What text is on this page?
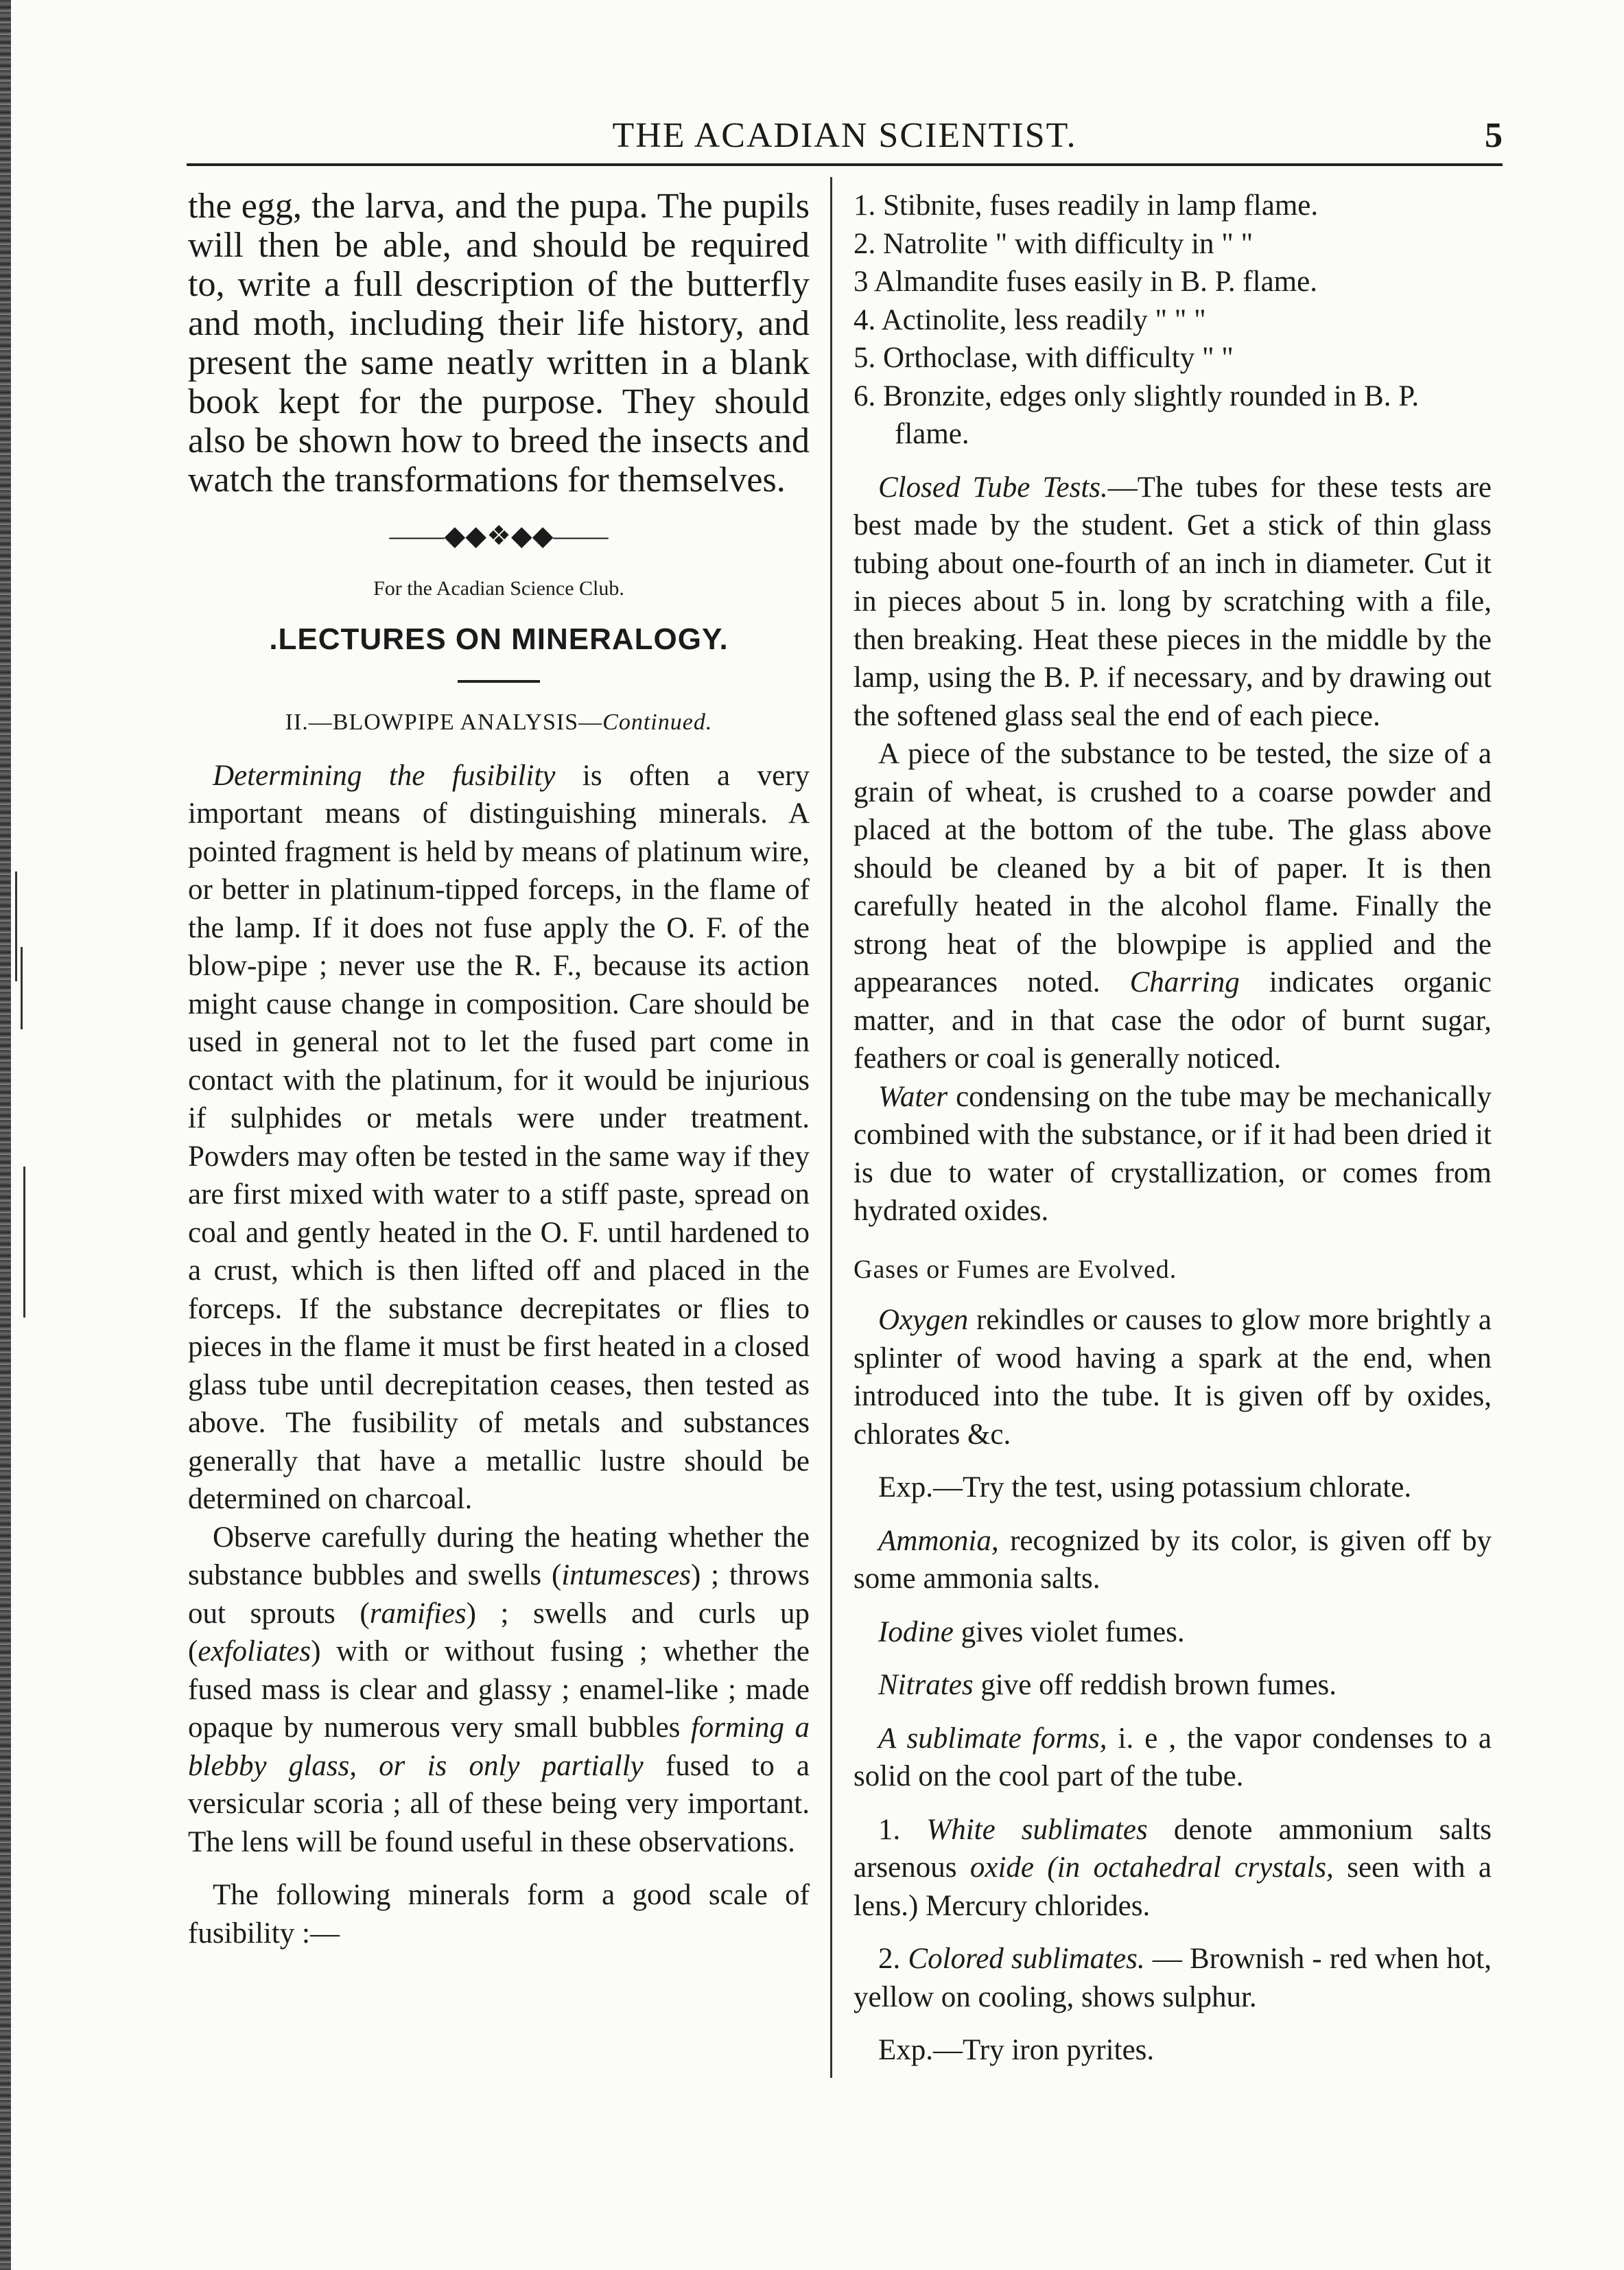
THE ACADIAN SCIENTIST.	5

the egg, the larva, and the pupa. The pupils will then be able, and should be required to, write a full description of the butterfly and moth, including their life history, and present the same neatly written in a blank book kept for the purpose. They should also be shown how to breed the insects and watch the transformations for themselves.

——◆◆❖◆◆——

For the Acadian Science Club.

.LECTURES ON MINERALOGY.

II.—BLOWPIPE ANALYSIS—Continued.

Determining the fusibility is often a very important means of distinguishing minerals. A pointed fragment is held by means of platinum wire, or better in platinum-tipped forceps, in the flame of the lamp. If it does not fuse apply the O. F. of the blow-pipe ; never use the R. F., because its action might cause change in composition. Care should be used in general not to let the fused part come in contact with the platinum, for it would be injurious if sulphides or metals were under treatment. Powders may often be tested in the same way if they are first mixed with water to a stiff paste, spread on coal and gently heated in the O. F. until hardened to a crust, which is then lifted off and placed in the forceps. If the substance decrepitates or flies to pieces in the flame it must be first heated in a closed glass tube until decrepitation ceases, then tested as above. The fusibility of metals and substances generally that have a metallic lustre should be determined on charcoal.

Observe carefully during the heating whether the substance bubbles and swells (intumesces) ; throws out sprouts (ramifies) ; swells and curls up (exfoliates) with or without fusing ; whether the fused mass is clear and glassy ; enamel-like ; made opaque by numerous very small bubbles forming a blebby glass, or is only partially fused to a versicular scoria ; all of these being very important. The lens will be found useful in these observations.

The following minerals form a good scale of fusibility :—

1. Stibnite, fuses readily in lamp flame.

2. Natrolite " with difficulty in " "

3 Almandite fuses easily in B. P. flame.

4. Actinolite, less readily " " "

5. Orthoclase, with difficulty " "

6. Bronzite, edges only slightly rounded in B. P. flame.

Closed Tube Tests.—The tubes for these tests are best made by the student. Get a stick of thin glass tubing about one-fourth of an inch in diameter. Cut it in pieces about 5 in. long by scratching with a file, then breaking. Heat these pieces in the middle by the lamp, using the B. P. if necessary, and by drawing out the softened glass seal the end of each piece.

A piece of the substance to be tested, the size of a grain of wheat, is crushed to a coarse powder and placed at the bottom of the tube. The glass above should be cleaned by a bit of paper. It is then carefully heated in the alcohol flame. Finally the strong heat of the blowpipe is applied and the appearances noted. Charring indicates organic matter, and in that case the odor of burnt sugar, feathers or coal is generally noticed.

Water condensing on the tube may be mechanically combined with the substance, or if it had been dried it is due to water of crystallization, or comes from hydrated oxides.

Gases or Fumes are Evolved.

Oxygen rekindles or causes to glow more brightly a splinter of wood having a spark at the end, when introduced into the tube. It is given off by oxides, chlorates &c.

Exp.—Try the test, using potassium chlorate.

Ammonia, recognized by its color, is given off by some ammonia salts.

Iodine gives violet fumes.

Nitrates give off reddish brown fumes.

A sublimate forms, i. e , the vapor condenses to a solid on the cool part of the tube.

1. White sublimates denote ammonium salts arsenous oxide (in octahedral crystals, seen with a lens.) Mercury chlorides.

2. Colored sublimates. — Brownish - red when hot, yellow on cooling, shows sulphur.

Exp.—Try iron pyrites.
